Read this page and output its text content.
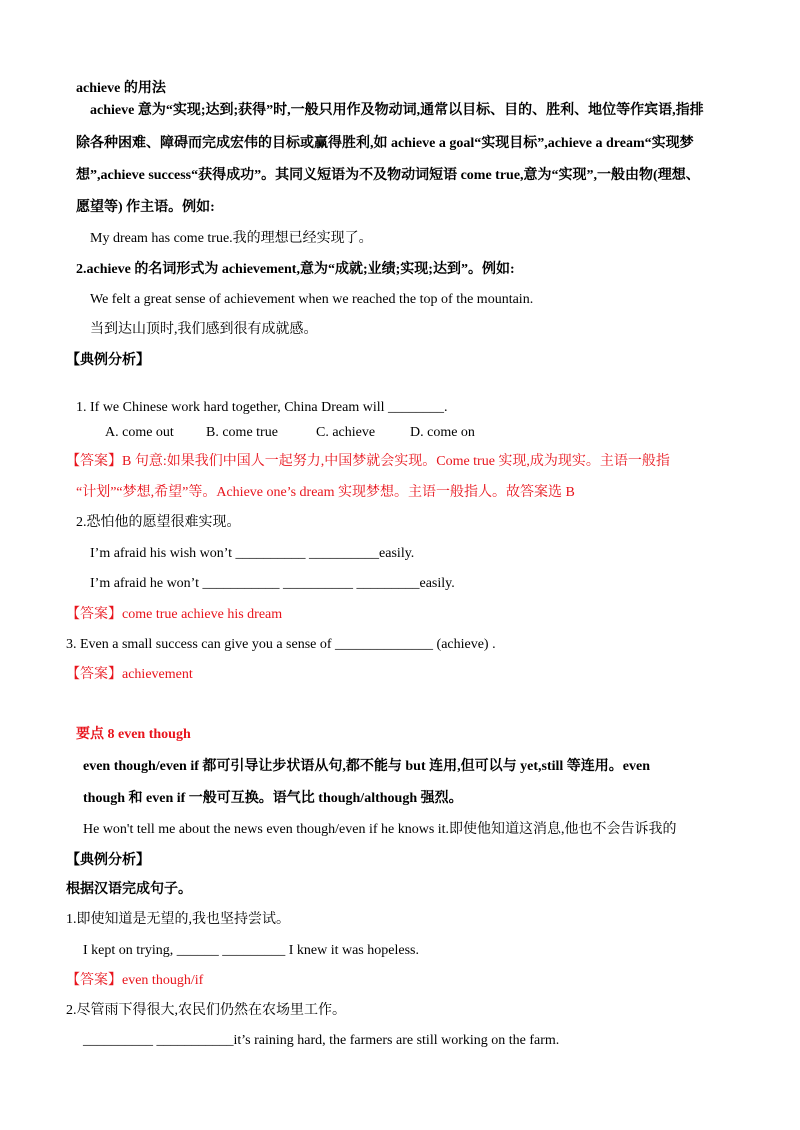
achieve 的用法
achieve 意为“实现;达到;获得”时,一般只用作及物动词,通常以目标、目的、胜利、地位等作宾语,指排
除各种困难、障碍而完成宏伟的目标或赢得胜利,如 achieve a goal“实现目标”,achieve a dream“实现梦
想”,achieve success“获得成功”。其同义短语为不及物动词短语 come true,意为“实现”,一般由物(理想、
愿望等) 作主语。例如:
My dream has come true.我的理想已经实现了。
2.achieve 的名词形式为 achievement,意为“成就;业绩;实现;达到”。例如:
We felt a great sense of achievement when we reached the top of the mountain.
当到达山顶时,我们感到很有成就感。
【典例分析】
1. If we Chinese work hard together, China Dream will ________.
A. come out B. come true	C. achieve D. come on
【答案】B 句意:如果我们中国人一起努力,中国梦就会实现。Come true 实现,成为现实。主语一般指
“计划”“梦想,希望”等。Achieve one’s dream 实现梦想。主语一般指人。故答案选 B
2.恐怕他的愿望很难实现。
I’m afraid his wish won’t __________ __________easily.
I’m afraid he won’t ___________ __________ _________easily.
【答案】come true achieve his dream
3. Even a small success can give you a sense of ______________ (achieve) .
【答案】achievement
要点 8 even though
even though/even if 都可引导让步状语从句,都不能与 but 连用,但可以与 yet,still 等连用。even
though 和 even if 一般可互换。语气比 though/although 强烈。
He won't tell me about the news even though/even if he knows it.即使他知道这消息,他也不会告诉我的
【典例分析】
根据汉语完成句子。
1.即使知道是无望的,我也坚持尝试。
I kept on trying, ______ _________ I knew it was hopeless.
【答案】even though/if
2.尽管雨下得很大,农民们仍然在农场里工作。
__________ ___________it’s raining hard, the farmers are still working on the farm.
